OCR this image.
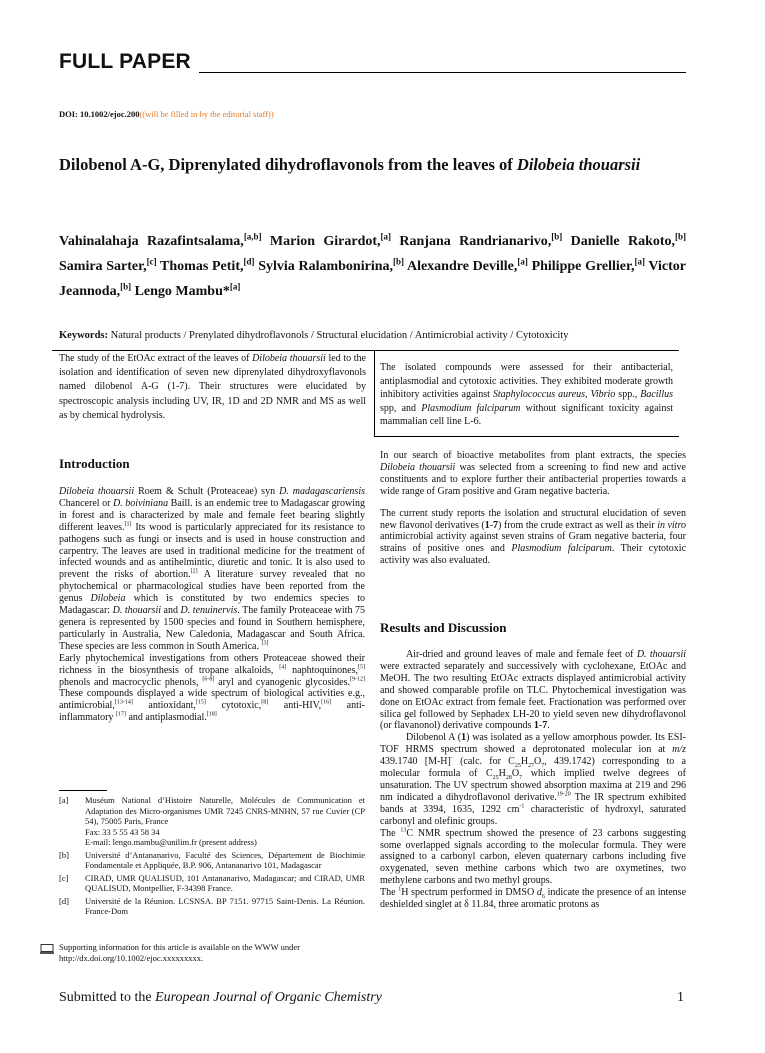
FULL PAPER
DOI: 10.1002/ejoc.200((will be filled in by the editorial staff))
Dilobenol A-G, Diprenylated dihydroflavonols from the leaves of Dilobeia thouarsii
Vahinalahaja Razafintsalama,[a,b] Marion Girardot,[a] Ranjana Randrianarivo,[b] Danielle Rakoto,[b] Samira Sarter,[c] Thomas Petit,[d] Sylvia Ralambonirina,[b] Alexandre Deville,[a] Philippe Grellier,[a] Victor Jeannoda,[b] Lengo Mambu*[a]
Keywords: Natural products / Prenylated dihydroflavonols / Structural elucidation / Antimicrobial activity / Cytotoxicity
The study of the EtOAc extract of the leaves of Dilobeia thouarsii led to the isolation and identification of seven new diprenylated dihydroxyflavonols named dilobenol A-G (1-7). Their structures were elucidated by spectroscopic analysis including UV, IR, 1D and 2D NMR and MS as well as by chemical hydrolysis.
The isolated compounds were assessed for their antibacterial, antiplasmodial and cytotoxic activities. They exhibited moderate growth inhibitory activities against Staphylococcus aureus, Vibrio spp., Bacillus spp, and Plasmodium falciparum without significant toxicity against mammalian cell line L-6.
Introduction

Dilobeia thouarsii Roem & Schult (Proteaceae) syn D. madagascariensis Chancerel or D. boiviniana Baill. is an endemic tree to Madagascar growing in forest and is characterized by male and female feet bearing slightly different leaves.[1] Its wood is particularly appreciated for its resistance to pathogens such as fungi or insects and is used in house construction and carpentry. The leaves are used in traditional medicine for the treatment of infected wounds and as antihelmintic, diuretic and tonic. It is also used to prevent the risks of abortion.[2] A literature survey revealed that no phytochemical or pharmacological studies have been reported from the genus Dilobeia which is constituted by two endemics species to Madagascar: D. thouarsii and D. tenuinervis. The family Proteaceae with 75 genera is represented by 1500 species and found in Southern hemisphere, particularly in Australia, New Caledonia, Madagascar and South Africa. These species are less common in South America. [3]

Early phytochemical investigations from others Proteaceae showed their richness in the biosynthesis of tropane alkaloids, [4] naphtoquinones,[5] phenols and macrocyclic phenols, [6-8] aryl and cyanogenic glycosides.[9-12] These compounds displayed a wide spectrum of biological activities e.g., antimicrobial,[13-14] antioxidant,[15] cytotoxic,[8] anti-HIV,[16] anti-inflammatory [17] and antiplasmodial.[18]

[a]	Muséum National d’Histoire Naturelle, Molécules de Communication et Adaptation des Micro-organismes UMR 7245 CNRS-MNHN, 57 rue Cuvier (CP 54), 75005 Paris, France
Fax: 33 5 55 43 58 34
E-mail: lengo.mambu@unilim.fr (present address)
[b]	Université d’Antananarivo, Faculté des Sciences, Département de Biochimie Fondamentale et Appliquée, B.P. 906, Antananarivo 101, Madagascar
[c]	CIRAD, UMR QUALISUD, 101 Antananarivo, Madagascar; and CIRAD, UMR QUALISUD, Montpellier, F-34398 France.
[d]	Université de la Réunion. LCSNSA. BP 7151. 97715 Saint-Denis. La Réunion. France-Dom
Supporting information for this article is available on the WWW under http://dx.doi.org/10.1002/ejoc.xxxxxxxxx.

In our search of bioactive metabolites from plant extracts, the species Dilobeia thouarsii was selected from a screening to find new and active constituents and to explore further their antibacterial properties towards a wide range of Gram positive and Gram negative bacteria.

The current study reports the isolation and structural elucidation of seven new flavonol derivatives (1-7) from the crude extract as well as their in vitro antimicrobial activity against seven strains of Gram negative bacteria, four strains of positive ones and Plasmodium falciparum. Their cytotoxic activity was also evaluated.

Results and Discussion

Air-dried and ground leaves of male and female feet of D. thouarsii were extracted separately and successively with cyclohexane, EtOAc and MeOH. The two resulting EtOAc extracts displayed antimicrobial activity and showed comparable profile on TLC. Phytochemical investigation was done on EtOAc extract from female feet. Fractionation was performed over silica gel followed by Sephadex LH-20 to yield seven new dihydroflavonol (or flavanonol) derivative compounds 1-7.

Dilobenol A (1) was isolated as a yellow amorphous powder. Its ESI-TOF HRMS spectrum showed a deprotonated molecular ion at m/z 439.1740 [M-H]- (calc. for $C_{25}H_{27}O_7$, 439.1742) corresponding to a molecular formula of $C_{25}H_{28}O_7$ which implied twelve degrees of unsaturation. The UV spectrum showed absorption maxima at 219 and 296 nm indicated a dihydroflavonol derivative.$^{19-20}$ The IR spectrum exhibited bands at 3394, 1635, 1292 $cm^{-1}$ characteristic of hydroxyl, saturated carbonyl and olefinic groups.

The $^{13}$C NMR spectrum showed the presence of 23 carbons suggesting some overlapped signals according to the molecular formula. They were assigned to a carbonyl carbon, eleven quaternary carbons including five oxygenated, seven methine carbons which two are oxymetines, two methylene carbons and two methyl groups.

The $^1$H spectrum performed in DMSO $d_6$ indicate the presence of an intense deshielded singlet at δ 11.84, three aromatic protons as

Submitted to the European Journal of Organic Chemistry	1
